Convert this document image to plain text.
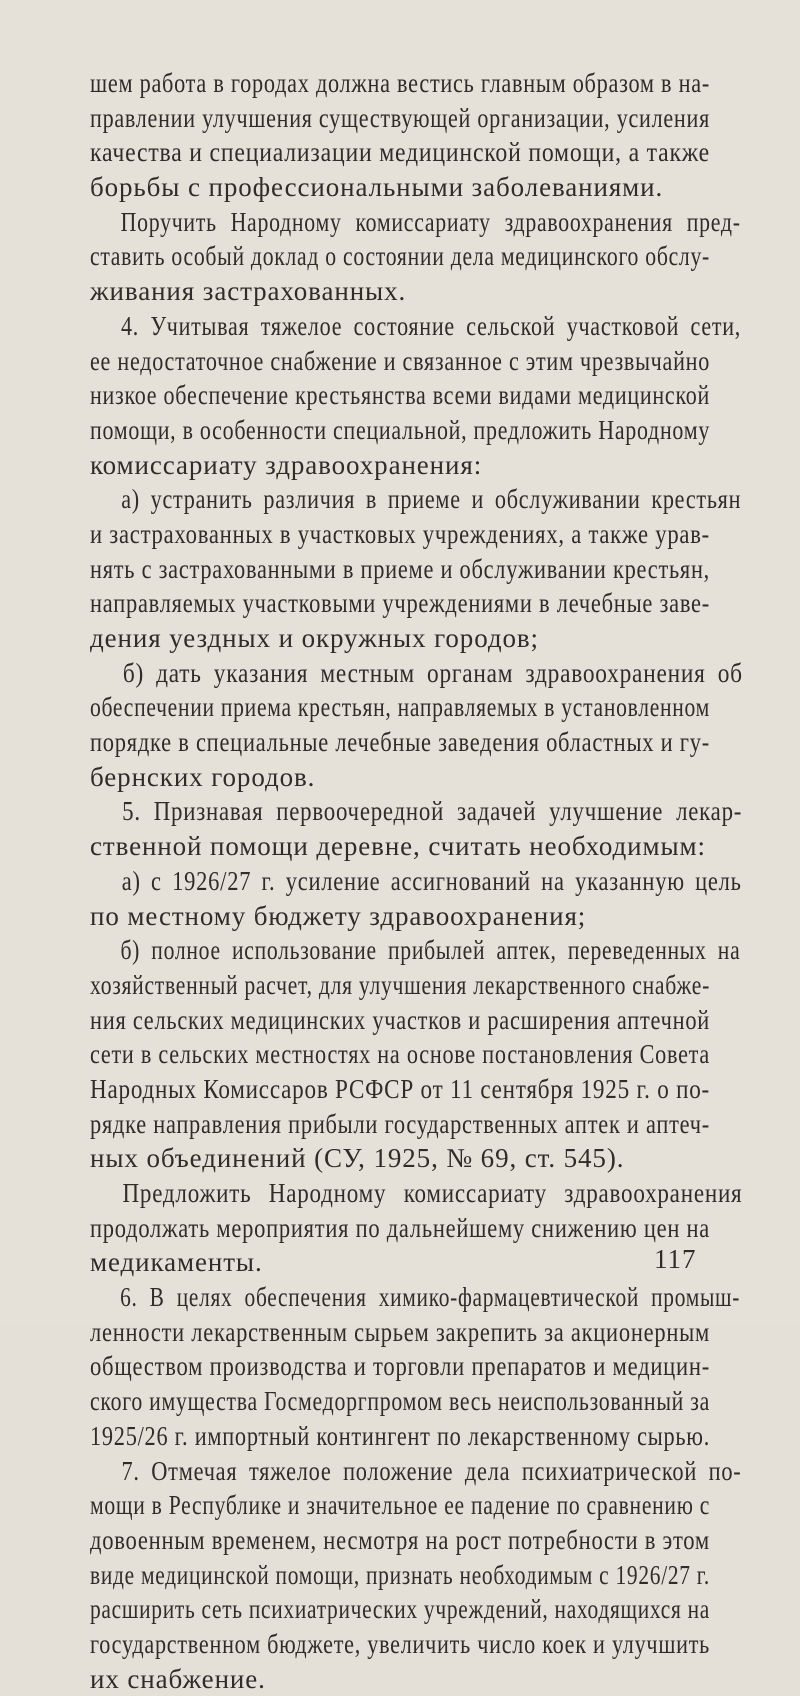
шем работа в городах должна вестись главным образом в на-
правлении улучшения существующей организации, усиления
качества и специализации медицинской помощи, а также
борьбы с профессиональными заболеваниями.
Поручить Народному комиссариату здравоохранения пред-
ставить особый доклад о состоянии дела медицинского обслу-
живания застрахованных.
4. Учитывая тяжелое состояние сельской участковой сети,
ее недостаточное снабжение и связанное с этим чрезвычайно
низкое обеспечение крестьянства всеми видами медицинской
помощи, в особенности специальной, предложить Народному
комиссариату здравоохранения:
а) устранить различия в приеме и обслуживании крестьян
и застрахованных в участковых учреждениях, а также урав-
нять с застрахованными в приеме и обслуживании крестьян,
направляемых участковыми учреждениями в лечебные заве-
дения уездных и окружных городов;
б) дать указания местным органам здравоохранения об
обеспечении приема крестьян, направляемых в установленном
порядке в специальные лечебные заведения областных и гу-
бернских городов.
5. Признавая первоочередной задачей улучшение лекар-
ственной помощи деревне, считать необходимым:
а) с 1926/27 г. усиление ассигнований на указанную цель
по местному бюджету здравоохранения;
б) полное использование прибылей аптек, переведенных на
хозяйственный расчет, для улучшения лекарственного снабже-
ния сельских медицинских участков и расширения аптечной
сети в сельских местностях на основе постановления Совета
Народных Комиссаров РСФСР от 11 сентября 1925 г. о по-
рядке направления прибыли государственных аптек и аптеч-
ных объединений (СУ, 1925, № 69, ст. 545).
Предложить Народному комиссариату здравоохранения
продолжать мероприятия по дальнейшему снижению цен на
медикаменты.
6. В целях обеспечения химико-фармацевтической промыш-
ленности лекарственным сырьем закрепить за акционерным
обществом производства и торговли препаратов и медицин-
ского имущества Госмедоргпромом весь неиспользованный за
1925/26 г. импортный контингент по лекарственному сырью.
7. Отмечая тяжелое положение дела психиатрической по-
мощи в Республике и значительное ее падение по сравнению с
довоенным временем, несмотря на рост потребности в этом
виде медицинской помощи, признать необходимым с 1926/27 г.
расширить сеть психиатрических учреждений, находящихся на
государственном бюджете, увеличить число коек и улучшить
их снабжение.
117
